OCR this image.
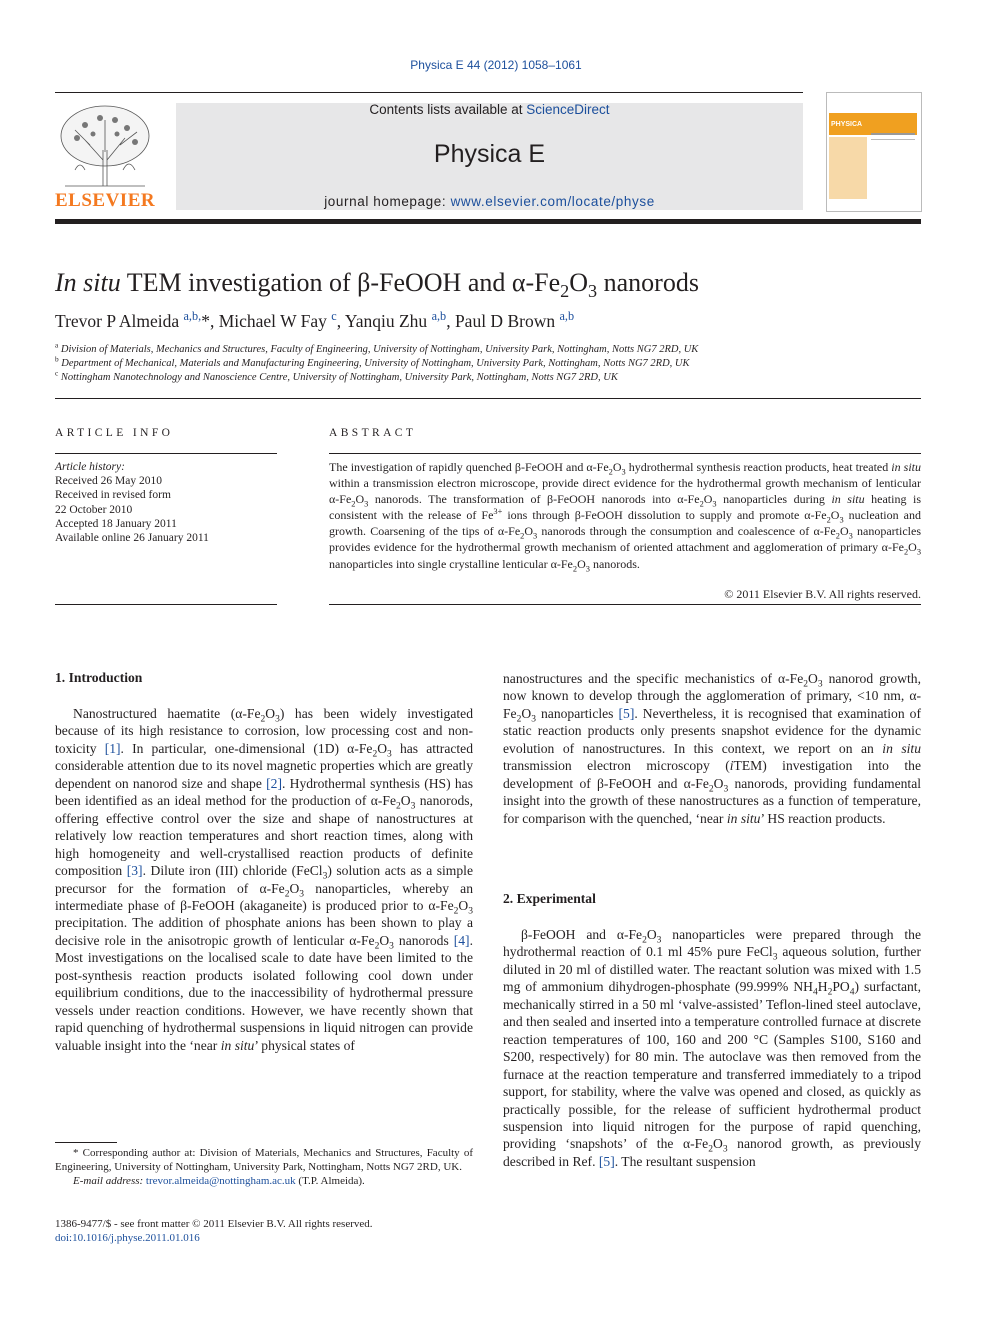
Physica E 44 (2012) 1058–1061
ELSEVIER
Contents lists available at ScienceDirect
Physica E
journal homepage: www.elsevier.com/locate/physe
PHYSICA
In situ TEM investigation of β-FeOOH and $\alpha-Fe_2O_3$ nanorods
Trevor P Almeida $^{a,b,}$*, Michael W Fay $^c$, Yanqiu Zhu $^{a,b}$, Paul D Brown $^{a,b}$
$^a$ Division of Materials, Mechanics and Structures, Faculty of Engineering, University of Nottingham, University Park, Nottingham, Notts NG7 2RD, UK
$^b$ Department of Mechanical, Materials and Manufacturing Engineering, University of Nottingham, University Park, Nottingham, Notts NG7 2RD, UK
$^c$ Nottingham Nanotechnology and Nanoscience Centre, University of Nottingham, University Park, Nottingham, Notts NG7 2RD, UK
ARTICLE INFO
Article history:
Received 26 May 2010
Received in revised form
22 October 2010
Accepted 18 January 2011
Available online 26 January 2011
ABSTRACT
The investigation of rapidly quenched β-FeOOH and $\alpha-Fe_2O_3$ hydrothermal synthesis reaction products, heat treated in situ within a transmission electron microscope, provide direct evidence for the hydrothermal growth mechanism of lenticular $\alpha-Fe_2O_3$ nanorods. The transformation of β-FeOOH nanorods into $\alpha-Fe_2O_3$ nanoparticles during in situ heating is consistent with the release of $Fe^{3+}$ ions through β-FeOOH dissolution to supply and promote $\alpha-Fe_2O_3$ nucleation and growth. Coarsening of the tips of $\alpha-Fe_2O_3$ nanorods through the consumption and coalescence of $\alpha-Fe_2O_3$ nanoparticles provides evidence for the hydrothermal growth mechanism of oriented attachment and agglomeration of primary $\alpha-Fe_2O_3$ nanoparticles into single crystalline lenticular $\alpha-Fe_2O_3$ nanorods.
© 2011 Elsevier B.V. All rights reserved.
1. Introduction

Nanostructured haematite $(\alpha-Fe_2O_3)$ has been widely investigated because of its high resistance to corrosion, low processing cost and non-toxicity [1]. In particular, one-dimensional (1D) $\alpha-Fe_2O_3$ has attracted considerable attention due to its novel magnetic properties which are greatly dependent on nanorod size and shape [2]. Hydrothermal synthesis (HS) has been identified as an ideal method for the production of $\alpha-Fe_2O_3$ nanorods, offering effective control over the size and shape of nanostructures at relatively low reaction temperatures and short reaction times, along with high homogeneity and well-crystallised reaction products of definite composition [3]. Dilute iron (III) chloride (FeCl$_3$) solution acts as a simple precursor for the formation of $\alpha-Fe_2O_3$ nanoparticles, whereby an intermediate phase of β-FeOOH (akaganeite) is produced prior to $\alpha-Fe_2O_3$ precipitation. The addition of phosphate anions has been shown to play a decisive role in the anisotropic growth of lenticular $\alpha-Fe_2O_3$ nanorods [4]. Most investigations on the localised scale to date have been limited to the post-synthesis reaction products isolated following cool down under equilibrium conditions, due to the inaccessibility of hydrothermal pressure vessels under reaction conditions. However, we have recently shown that rapid quenching of hydrothermal suspensions in liquid nitrogen can provide valuable insight into the ‘near in situ’ physical states of

* Corresponding author at: Division of Materials, Mechanics and Structures, Faculty of Engineering, University of Nottingham, University Park, Nottingham, Notts NG7 2RD, UK.
E-mail address: trevor.almeida@nottingham.ac.uk (T.P. Almeida).
1386-9477/$ - see front matter © 2011 Elsevier B.V. All rights reserved.
doi:10.1016/j.physe.2011.01.016

nanostructures and the specific mechanistics of $\alpha-Fe_2O_3$ nanorod growth, now known to develop through the agglomeration of primary, <10 nm, $\alpha-Fe_2O_3$ nanoparticles [5]. Nevertheless, it is recognised that examination of static reaction products only presents snapshot evidence for the dynamic evolution of nanostructures. In this context, we report on an in situ transmission electron microscopy (iTEM) investigation into the development of β-FeOOH and $\alpha-Fe_2O_3$ nanorods, providing fundamental insight into the growth of these nanostructures as a function of temperature, for comparison with the quenched, ‘near in situ’ HS reaction products.

2. Experimental

β-FeOOH and $\alpha-Fe_2O_3$ nanoparticles were prepared through the hydrothermal reaction of 0.1 ml 45% pure FeCl$_3$ aqueous solution, further diluted in 20 ml of distilled water. The reactant solution was mixed with 1.5 mg of ammonium dihydrogen-phosphate (99.999% $NH_4H_2PO_4$) surfactant, mechanically stirred in a 50 ml ‘valve-assisted’ Teflon-lined steel autoclave, and then sealed and inserted into a temperature controlled furnace at discrete reaction temperatures of 100, 160 and 200 °C (Samples S100, S160 and S200, respectively) for 80 min. The autoclave was then removed from the furnace at the reaction temperature and transferred immediately to a tripod support, for stability, where the valve was opened and closed, as quickly as practically possible, for the release of sufficient hydrothermal product suspension into liquid nitrogen for the purpose of rapid quenching, providing ‘snapshots’ of the $\alpha-Fe_2O_3$ nanorod growth, as previously described in Ref. [5]. The resultant suspension
